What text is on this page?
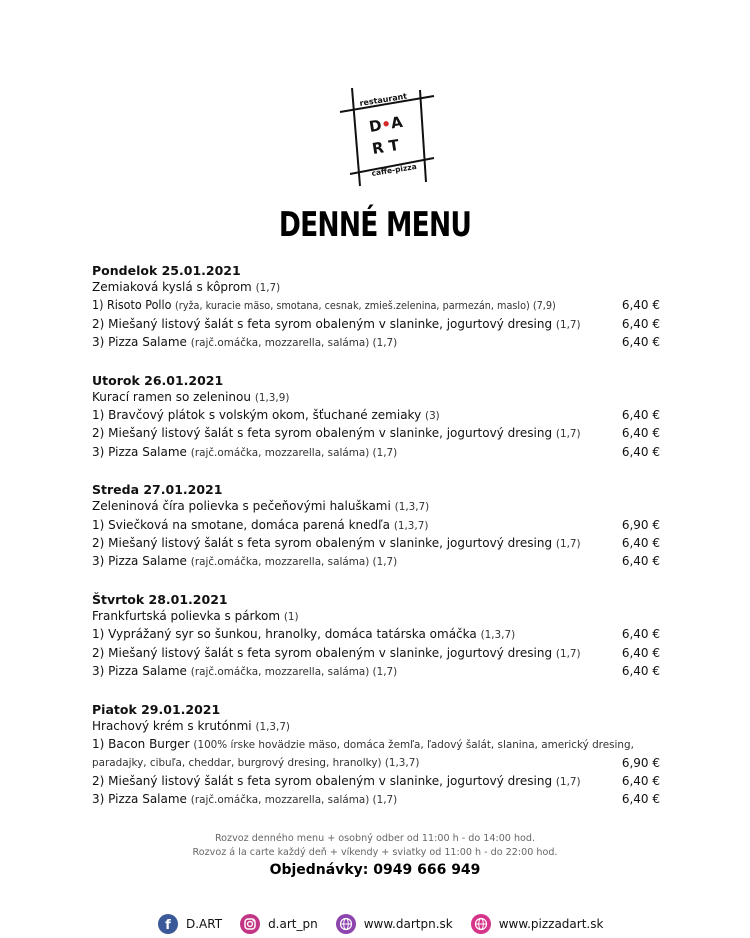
restaurant
D•A
R T
caffe-pizza
DENNÉ MENU
Pondelok 25.01.2021
Zemiaková kyslá s kôprom (1,7)
1) Risoto Pollo (ryža, kuracie mäso, smotana, cesnak, zmieš.zelenina, parmezán, maslo) (7,9)	6,40 €
2) Miešaný listový šalát s feta syrom obaleným v slaninke, jogurtový dresing (1,7)	6,40 €
3) Pizza Salame (rajč.omáčka, mozzarella, saláma) (1,7)	6,40 €
Utorok 26.01.2021
Kurací ramen so zeleninou (1,3,9)
1) Bravčový plátok s volským okom, šťuchané zemiaky (3)	6,40 €
2) Miešaný listový šalát s feta syrom obaleným v slaninke, jogurtový dresing (1,7)	6,40 €
3) Pizza Salame (rajč.omáčka, mozzarella, saláma) (1,7)	6,40 €
Streda 27.01.2021
Zeleninová číra polievka s pečeňovými haluškami (1,3,7)
1) Sviečková na smotane, domáca parená knedľa (1,3,7)	6,90 €
2) Miešaný listový šalát s feta syrom obaleným v slaninke, jogurtový dresing (1,7)	6,40 €
3) Pizza Salame (rajč.omáčka, mozzarella, saláma) (1,7)	6,40 €
Štvrtok 28.01.2021
Frankfurtská polievka s párkom (1)
1) Vyprážaný syr so šunkou, hranolky, domáca tatárska omáčka (1,3,7)	6,40 €
2) Miešaný listový šalát s feta syrom obaleným v slaninke, jogurtový dresing (1,7)	6,40 €
3) Pizza Salame (rajč.omáčka, mozzarella, saláma) (1,7)	6,40 €
Piatok 29.01.2021
Hrachový krém s krutónmi (1,3,7)
1) Bacon Burger (100% írske hovädzie mäso, domáca žemľa, ľadový šalát, slanina, americký dresing, paradajky, cibuľa, cheddar, burgrový dresing, hranolky) (1,3,7)	6,90 €
2) Miešaný listový šalát s feta syrom obaleným v slaninke, jogurtový dresing (1,7)	6,40 €
3) Pizza Salame (rajč.omáčka, mozzarella, saláma) (1,7)	6,40 €
Rozvoz denného menu + osobný odber od 11:00 h - do 14:00 hod.
Rozvoz á la carte každý deň + víkendy + sviatky od 11:00 h - do 22:00 hod.
Objednávky: 0949 666 949
f D.ART	d.art_pn	www.dartpn.sk	www.pizzadart.sk
